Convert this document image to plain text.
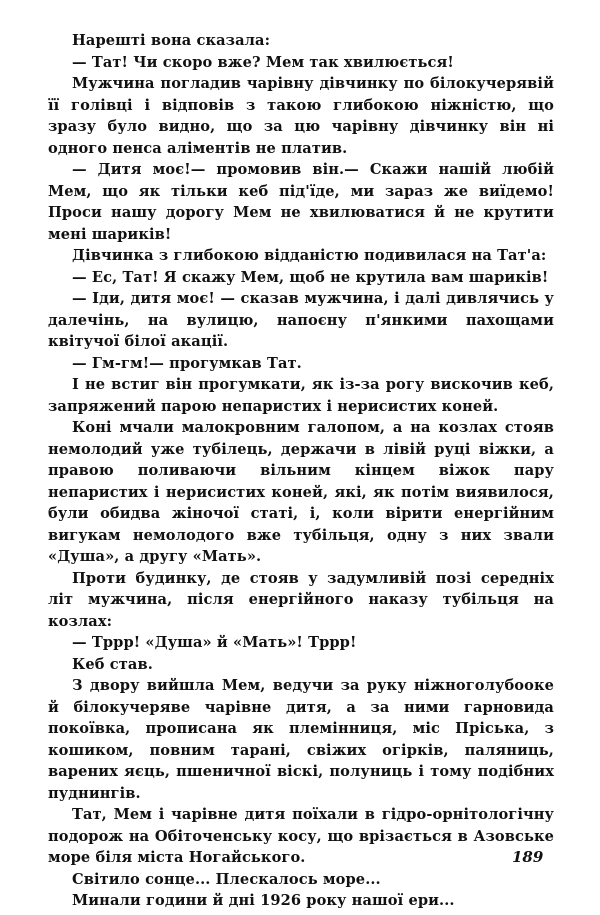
Нарешті вона сказала:

— Тат! Чи скоро вже? Мем так хвилюється!

Мужчина погладив чарівну дівчинку по білокучерявій її голівці і відповів з такою глибокою ніжністю, що зразу було видно, що за цю чарівну дівчинку він ні одного пенса аліментів не платив.

— Дитя моє!— промовив він.— Скажи нашій любій Мем, що як тільки кеб під'їде, ми зараз же виїдемо! Проси нашу дорогу Мем не хвилюватися й не крутити мені шариків!

Дівчинка з глибокою відданістю подивилася на Тат'а:

— Ес, Тат! Я скажу Мем, щоб не крутила вам шариків!

— Іди, дитя моє! — сказав мужчина, і далі дивлячись у далечінь, на вулицю, напоєну п'янкими пахощами квітучої білої акації.

— Гм-гм!— прогумкав Тат.

І не встиг він прогумкати, як із-за рогу вискочив кеб, запряжений парою непаристих і нерисистих коней.

Коні мчали малокровним галопом, а на козлах стояв немолодий уже тубілець, держачи в лівій руці віжки, а правою поливаючи вільним кінцем віжок пару непаристих і нерисистих коней, які, як потім виявилося, були обидва жіночої статі, і, коли вірити енергійним вигукам немолодого вже тубільця, одну з них звали «Душа», а другу «Мать».

Проти будинку, де стояв у задумливій позі середніх літ мужчина, після енергійного наказу тубільця на козлах:

— Тррр! «Душа» й «Мать»! Тррр!

Кеб став.

З двору вийшла Мем, ведучи за руку ніжноголубооке й білокучеряве чарівне дитя, а за ними гарновида покоївка, прописана як племінниця, міс Пріська, з кошиком, повним тарані, свіжих огірків, паляниць, варених яєць, пшеничної віскі, полуниць і тому подібних пуднингів.

Тат, Мем і чарівне дитя поїхали в гідро-орнітологічну подорож на Обіточенську косу, що врізається в Азовське море біля міста Ногайського.

Світило сонце... Плескалось море...

Минали години й дні 1926 року нашої ери...

189
